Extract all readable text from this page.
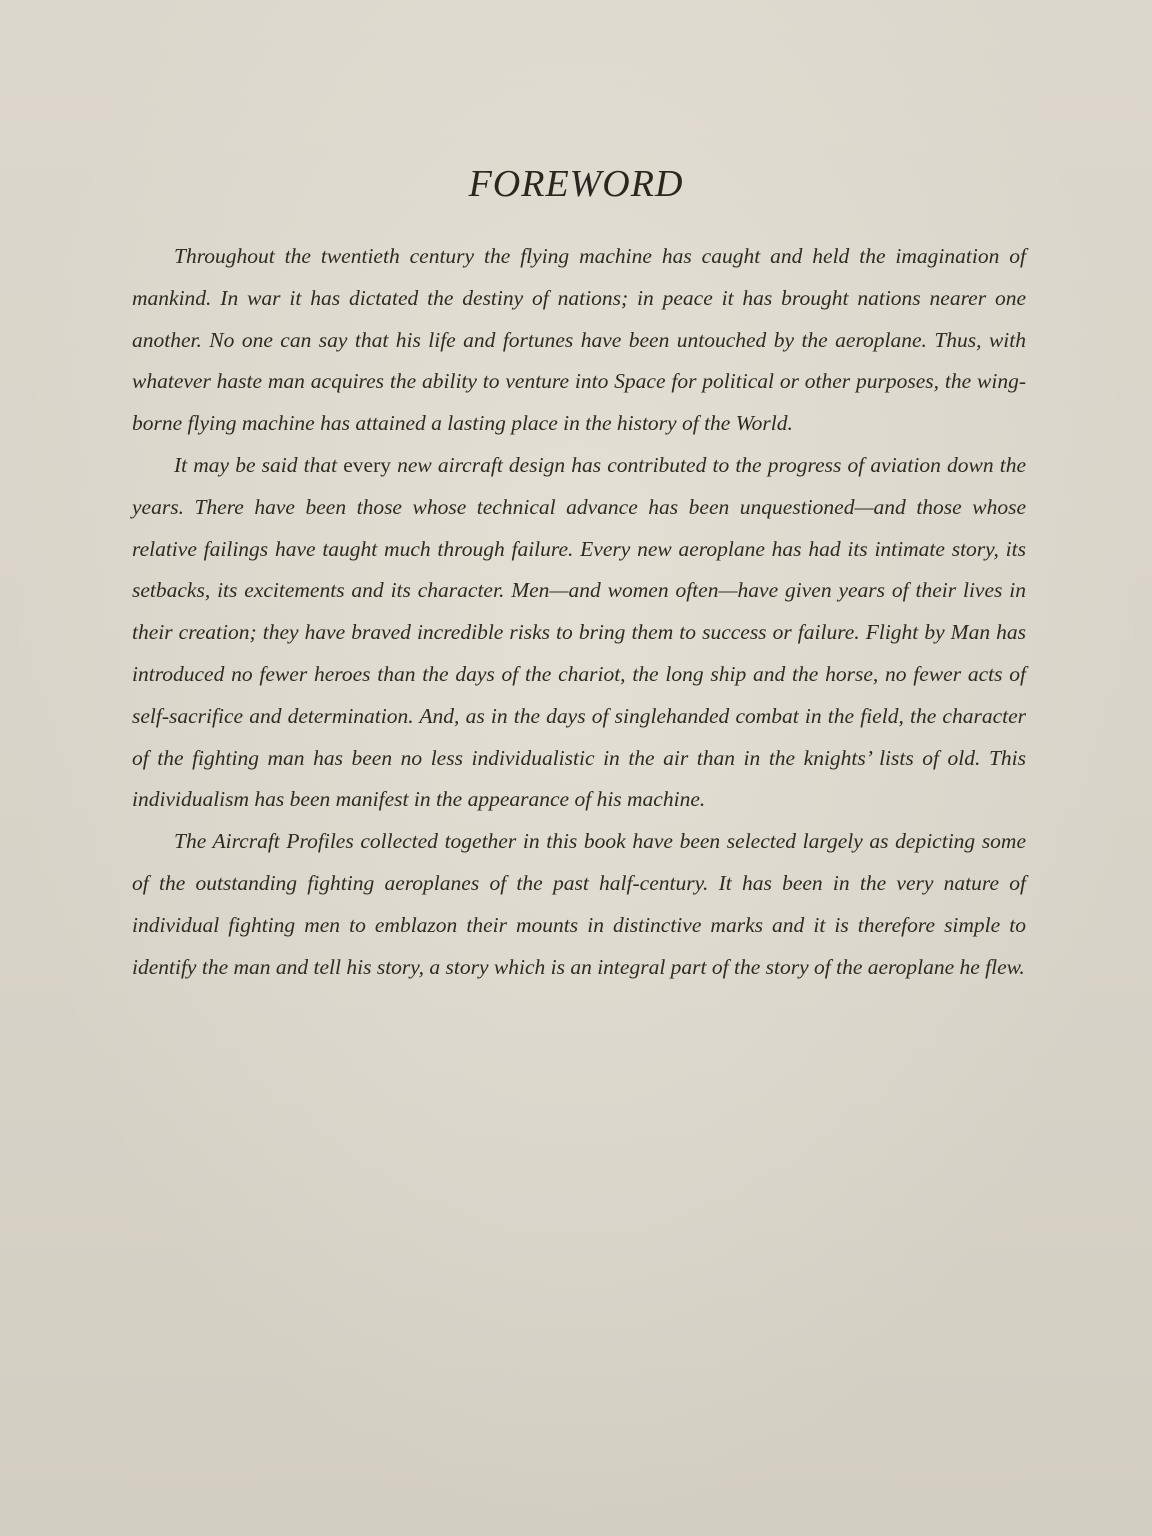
FOREWORD

Throughout the twentieth century the flying machine has caught and held the imagination of mankind. In war it has dictated the destiny of nations; in peace it has brought nations nearer one another. No one can say that his life and fortunes have been untouched by the aeroplane. Thus, with whatever haste man acquires the ability to venture into Space for political or other purposes, the wing-borne flying machine has attained a lasting place in the history of the World.

It may be said that every new aircraft design has contributed to the progress of aviation down the years. There have been those whose technical advance has been unquestioned—and those whose relative failings have taught much through failure. Every new aeroplane has had its intimate story, its setbacks, its excitements and its character. Men—and women often—have given years of their lives in their creation; they have braved incredible risks to bring them to success or failure. Flight by Man has introduced no fewer heroes than the days of the chariot, the long ship and the horse, no fewer acts of self-sacrifice and determination. And, as in the days of singlehanded combat in the field, the character of the fighting man has been no less individualistic in the air than in the knights’ lists of old. This individualism has been manifest in the appearance of his machine.

The Aircraft Profiles collected together in this book have been selected largely as depicting some of the outstanding fighting aeroplanes of the past half-century. It has been in the very nature of individual fighting men to emblazon their mounts in distinctive marks and it is therefore simple to identify the man and tell his story, a story which is an integral part of the story of the aeroplane he flew.
